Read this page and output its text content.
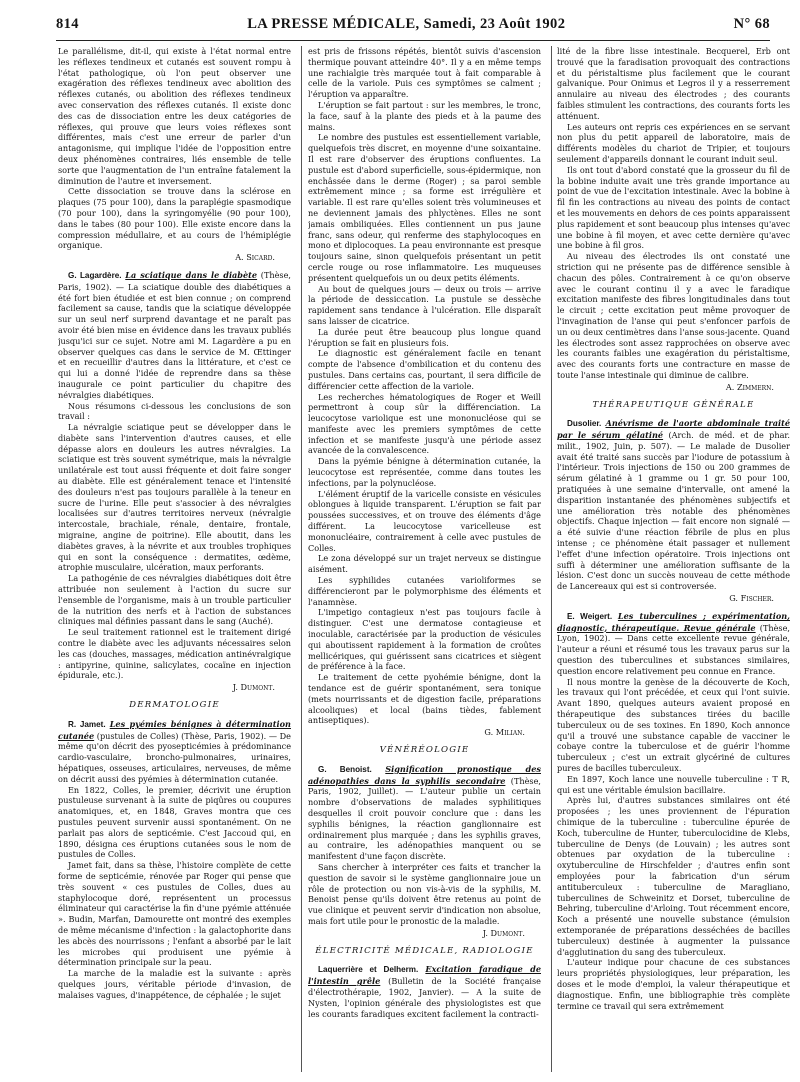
814	LA PRESSE MÉDICALE, Samedi, 23 Août 1902	N° 68

Le parallélisme, dit-il, qui existe à l'état normal entre les réflexes tendineux et cutanés est souvent rompu à l'état pathologique, où l'on peut observer une exagération des réflexes tendineux avec abolition des réflexes cutanés, ou abolition des réflexes tendineux avec conservation des réflexes cutanés. Il existe donc des cas de dissociation entre les deux catégories de réflexes, qui prouve que leurs voies réflexes sont différentes, mais c'est une erreur de parler d'un antagonisme, qui implique l'idée de l'opposition entre deux phénomènes contraires, liés ensemble de telle sorte que l'augmentation de l'un entraîne fatalement la diminution de l'autre et inversement.

Cette dissociation se trouve dans la sclérose en plaques (75 pour 100), dans la paraplégie spasmodique (70 pour 100), dans la syringomyélie (90 pour 100), dans le tabes (80 pour 100). Elle existe encore dans la compression médullaire, et au cours de l'hémiplégie organique.

A. Sicard.

G. Lagardère. La sciatique dans le diabète (Thèse, Paris, 1902). — La sciatique double des diabétiques a été fort bien étudiée et est bien connue ; on comprend facilement sa cause, tandis que la sciatique développée sur un seul nerf surprend davantage et ne paraît pas avoir été bien mise en évidence dans les travaux publiés jusqu'ici sur ce sujet. Notre ami M. Lagardère a pu en observer quelques cas dans le service de M. Œttinger et en recueillir d'autres dans la littérature, et c'est ce qui lui a donné l'idée de reprendre dans sa thèse inaugurale ce point particulier du chapitre des névralgies diabétiques.

Nous résumons ci-dessous les conclusions de son travail :

La névralgie sciatique peut se développer dans le diabète sans l'intervention d'autres causes, et elle dépasse alors en douleurs les autres névralgies. La sciatique est très souvent symétrique, mais la névralgie unilatérale est tout aussi fréquente et doit faire songer au diabète. Elle est généralement tenace et l'intensité des douleurs n'est pas toujours parallèle à la teneur en sucre de l'urine. Elle peut s'associer à des névralgies localisées sur d'autres territoires nerveux (névralgie intercostale, brachiale, rénale, dentaire, frontale, migraine, angine de poitrine). Elle aboutit, dans les diabètes graves, à la névrite et aux troubles trophiques qui en sont la conséquence : dermatites, œdème, atrophie musculaire, ulcération, maux perforants.

La pathogénie de ces névralgies diabétiques doit être attribuée non seulement à l'action du sucre sur l'ensemble de l'organisme, mais à un trouble particulier de la nutrition des nerfs et à l'action de substances cliniques mal définies passant dans le sang (Auché).

Le seul traitement rationnel est le traitement dirigé contre le diabète avec les adjuvants nécessaires selon les cas (douches, massages, médication antinévralgique : antipyrine, quinine, salicylates, cocaïne en injection épidurale, etc.).

J. Dumont.
DERMATOLOGIE

R. Jamet. Les pyémies bénignes à détermination cutanée (pustules de Colles) (Thèse, Paris, 1902). — De même qu'on décrit des pyosepticémies à prédominance cardio-vasculaire, broncho-pulmonaires, urinaires, hépatiques, osseuses, articulaires, nerveuses, de même on décrit aussi des pyémies à détermination cutanée.

En 1822, Colles, le premier, décrivit une éruption pustuleuse survenant à la suite de piqûres ou coupures anatomiques, et, en 1848, Graves montra que ces pustules peuvent survenir aussi spontanément. On ne parlait pas alors de septicémie. C'est Jaccoud qui, en 1890, désigna ces éruptions cutanées sous le nom de pustules de Colles.

Jamet fait, dans sa thèse, l'histoire complète de cette forme de septicémie, rénovée par Roger qui pense que très souvent « ces pustules de Colles, dues au staphylocoque doré, représentent un processus éliminateur qui caractérise la fin d'une pyémie atténuée ». Budin, Marfan, Damourette ont montré des exemples de même mécanisme d'infection : la galactophorite dans les abcès des nourrissons ; l'enfant a absorbé par le lait les microbes qui produisent une pyémie à détermination principale sur la peau.

La marche de la maladie est la suivante : après quelques jours, véritable période d'invasion, de malaises vagues, d'inappétence, de céphalée ; le sujet

est pris de frissons répétés, bientôt suivis d'ascension thermique pouvant atteindre 40°. Il y a en même temps une rachialgie très marquée tout à fait comparable à celle de la variole. Puis ces symptômes se calment ; l'éruption va apparaître.

L'éruption se fait partout : sur les membres, le tronc, la face, sauf à la plante des pieds et à la paume des mains.

Le nombre des pustules est essentiellement variable, quelquefois très discret, en moyenne d'une soixantaine. Il est rare d'observer des éruptions confluentes. La pustule est d'abord superficielle, sous-épidermique, non enchâssée dans le derme (Roger) ; sa paroi semble extrêmement mince ; sa forme est irrégulière et variable. Il est rare qu'elles soient très volumineuses et ne deviennent jamais des phlyctènes. Elles ne sont jamais ombiliquées. Elles contiennent un pus jaune franc, sans odeur, qui renferme des staphylocoques en mono et diplocoques. La peau environnante est presque toujours saine, sinon quelquefois présentant un petit cercle rouge ou rose inflammatoire. Les muqueuses présentent quelquefois un ou deux petits éléments.

Au bout de quelques jours — deux ou trois — arrive la période de dessiccation. La pustule se dessèche rapidement sans tendance à l'ulcération. Elle disparaît sans laisser de cicatrice.

La durée peut être beaucoup plus longue quand l'éruption se fait en plusieurs fois.

Le diagnostic est généralement facile en tenant compte de l'absence d'ombilication et du contenu des pustules. Dans certains cas, pourtant, il sera difficile de différencier cette affection de la variole.

Les recherches hématologiques de Roger et Weill permettront à coup sûr la différenciation. La leucocytose variolique est une mononucléose qui se manifeste avec les premiers symptômes de cette infection et se manifeste jusqu'à une période assez avancée de la convalescence.

Dans la pyémie bénigne à détermination cutanée, la leucocytose est représentée, comme dans toutes les infections, par la polynucléose.

L'élément éruptif de la varicelle consiste en vésicules oblongues à liquide transparent. L'éruption se fait par poussées successives, et on trouve des éléments d'âge différent. La leucocytose varicelleuse est mononucléaire, contrairement à celle avec pustules de Colles.

Le zona développé sur un trajet nerveux se distingue aisément.

Les syphilides cutanées varioliformes se différencieront par le polymorphisme des éléments et l'anamnèse.

L'impetigo contagieux n'est pas toujours facile à distinguer. C'est une dermatose contagieuse et inoculable, caractérisée par la production de vésicules qui aboutissent rapidement à la formation de croûtes mellicériques, qui guérissent sans cicatrices et siègent de préférence à la face.

Le traitement de cette pyohémie bénigne, dont la tendance est de guérir spontanément, sera tonique (mets nourrissants et de digestion facile, préparations alcooliques) et local (bains tièdes, fablement antiseptiques).

G. Milian.
VÉNÉRÉOLOGIE

G. Benoist. Signification pronostique des adénopathies dans la syphilis secondaire (Thèse, Paris, 1902, Juillet). — L'auteur publie un certain nombre d'observations de malades syphilitiques desquelles il croit pouvoir conclure que : dans les syphilis bénignes, la réaction ganglionnaire est ordinairement plus marquée ; dans les syphilis graves, au contraire, les adénopathies manquent ou se manifestent d'une façon discrète.

Sans chercher à interpréter ces faits et trancher la question de savoir si le système ganglionnaire joue un rôle de protection ou non vis-à-vis de la syphilis, M. Benoist pense qu'ils doivent être retenus au point de vue clinique et peuvent servir d'indication non absolue, mais fort utile pour le pronostic de la maladie.

J. Dumont.
ÉLECTRICITÉ MÉDICALE, RADIOLOGIE

Laquerrière et Delherm. Excitation faradique de l'intestin grêle (Bulletin de la Société française d'électrothérapie, 1902, Janvier). — A la suite de Nysten, l'opinion générale des physiologistes est que les courants faradiques excitent facilement la contracti-

lité de la fibre lisse intestinale. Becquerel, Erb ont trouvé que la faradisation provoquait des contractions et du péristaltisme plus facilement que le courant galvanique. Pour Onimus et Legros il y a resserrement annulaire au niveau des électrodes ; des courants faibles stimulent les contractions, des courants forts les atténuent.

Les auteurs ont repris ces expériences en se servant non plus du petit appareil de laboratoire, mais de différents modèles du chariot de Tripier, et toujours seulement d'appareils donnant le courant induit seul.

Ils ont tout d'abord constaté que la grosseur du fil de la bobine induite avait une très grande importance au point de vue de l'excitation intestinale. Avec la bobine à fil fin les contractions au niveau des points de contact et les mouvements en dehors de ces points apparaissent plus rapidement et sont beaucoup plus intenses qu'avec une bobine à fil moyen, et avec cette dernière qu'avec une bobine à fil gros.

Au niveau des électrodes ils ont constaté une striction qui ne présente pas de différence sensible à chacun des pôles. Contrairement à ce qu'on observe avec le courant continu il y a avec le faradique excitation manifeste des fibres longitudinales dans tout le circuit ; cette excitation peut même provoquer de l'invagination de l'anse qui peut s'enfoncer parfois de un ou deux centimètres dans l'anse sous-jacente. Quand les électrodes sont assez rapprochées on observe avec les courants faibles une exagération du péristaltisme, avec des courants forts une contracture en masse de toute l'anse intestinale qui diminue de calibre.

A. Zimmern.
THÉRAPEUTIQUE GÉNÉRALE

Dusolier. Anévrisme de l'aorte abdominale traité par le sérum gélatiné (Arch. de méd. et de phar. milit., 1902, Juin, p. 507). — Le malade de Dusolier avait été traité sans succès par l'iodure de potassium à l'intérieur. Trois injections de 150 ou 200 grammes de sérum gélatiné à 1 gramme ou 1 gr. 50 pour 100, pratiquées à une semaine d'intervalle, ont amené la disparition instantanée des phénomènes subjectifs et une amélioration très notable des phénomènes objectifs. Chaque injection — fait encore non signalé — a été suivie d'une réaction fébrile de plus en plus intense ; ce phénomène était passager et nullement l'effet d'une infection opératoire. Trois injections ont suffi à déterminer une amélioration suffisante de la lésion. C'est donc un succès nouveau de cette méthode de Lancereaux qui est si controversée.

G. Fischer.

E. Weigert. Les tuberculines ; expérimentation, diagnostic, thérapeutique. Revue générale (Thèse, Lyon, 1902). — Dans cette excellente revue générale, l'auteur a réuni et résumé tous les travaux parus sur la question des tuberculines et substances similaires, question encore relativement peu connue en France.

Il nous montre la genèse de la découverte de Koch, les travaux qui l'ont précédée, et ceux qui l'ont suivie. Avant 1890, quelques auteurs avaient proposé en thérapeutique des substances tirées du bacille tuberculeux ou de ses toxines. En 1890, Koch annonce qu'il a trouvé une substance capable de vacciner le cobaye contre la tuberculose et de guérir l'homme tuberculeux ; c'est un extrait glycériné de cultures pures de bacilles tuberculeux.

En 1897, Koch lance une nouvelle tuberculine : T R, qui est une véritable émulsion bacillaire.

Après lui, d'autres substances similaires ont été proposées ; les unes proviennent de l'épuration chimique de la tuberculine : tuberculine épurée de Koch, tuberculine de Hunter, tuberculocidine de Klebs, tuberculine de Denys (de Louvain) ; les autres sont obtenues par oxydation de la tuberculine : oxytuberculine de Hirschfelder ; d'autres enfin sont employées pour la fabrication d'un sérum antituberculeux : tuberculine de Maragliano, tuberculines de Schweinitz et Dorset, tuberculine de Behring, tuberculine d'Arloing. Tout récemment encore, Koch a présenté une nouvelle substance (émulsion extemporanée de préparations desséchées de bacilles tuberculeux) destinée à augmenter la puissance d'agglutination du sang des tuberculeux.

L'auteur indique pour chacune de ces substances leurs propriétés physiologiques, leur préparation, les doses et le mode d'emploi, la valeur thérapeutique et diagnostique. Enfin, une bibliographie très complète termine ce travail qui sera extrêmement
